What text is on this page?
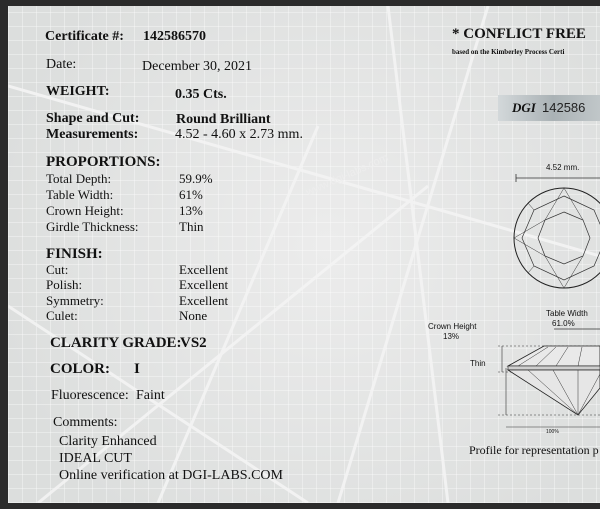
www.dgi-labs.com
Certificate #: 142586570
Date:	December 30, 2021
WEIGHT:	0.35 Cts.
Shape and Cut:	Round Brilliant
Measurements:	4.52 - 4.60 x 2.73 mm.
PROPORTIONS:
Total Depth:	59.9%
Table Width:	61%
Crown Height:	13%
Girdle Thickness:	Thin
FINISH:
Cut:	Excellent
Polish:	Excellent
Symmetry:	Excellent
Culet:	None
CLARITY GRADE:
VS2
COLOR: I
Fluorescence: Faint
Comments:
Clarity Enhanced
IDEAL CUT
Online verification at DGI-LABS.COM
* CONFLICT FREE
based on the Kimberley Process Certi
DGI 142586
4.52 mm.
Table Width
61.0%
Crown Height
13%
Thin
100%
Profile for representation p
